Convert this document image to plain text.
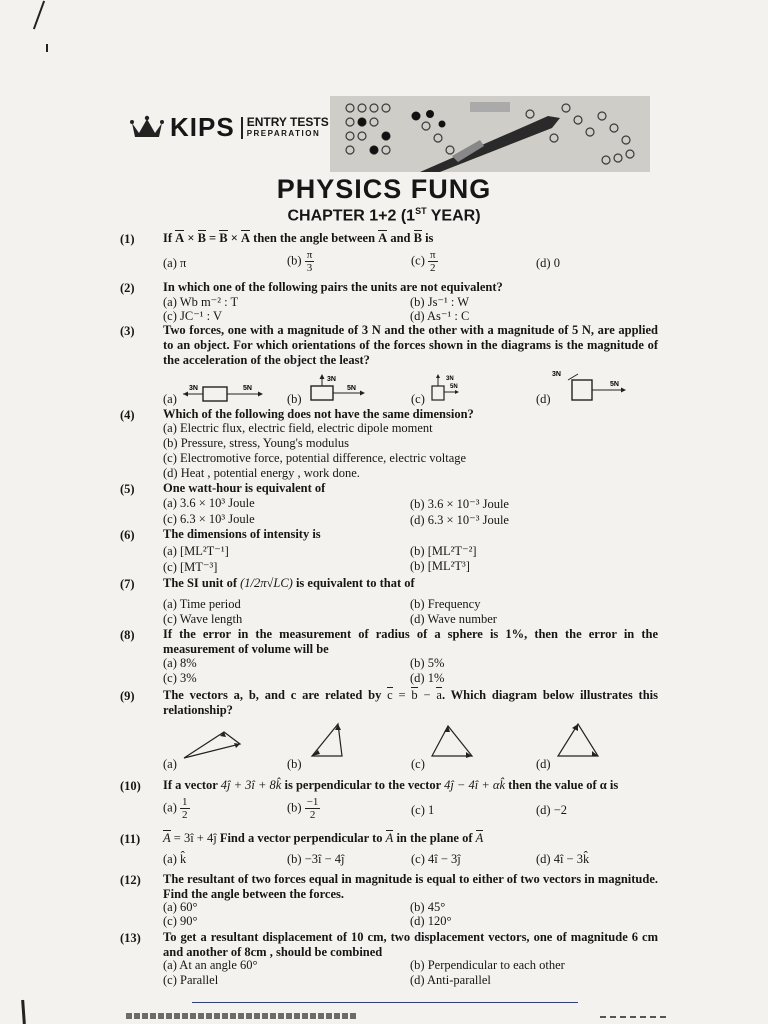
KIPS ENTRY TESTS
PREPARATION
PHYSICS FUNG
CHAPTER 1+2 (1ST YEAR)
(1) If A × B = B × A then the angle between A and B is
(a) π	$(b) \frac{\pi}{3}$	$(c) \frac{\pi}{2}$	(d) 0
(2) In which one of the following pairs the units are not equivalent?
(a) Wb m⁻² : T	(b) Js⁻¹ : W
(c) JC⁻¹ : V	(d) As⁻¹ : C
(3) Two forces, one with a magnitude of 3 N and the other with a magnitude of 5 N, are applied to an object. For which orientations of the forces shown in the diagrams is the magnitude of the acceleration of the object the least?
(a)
3N	5N
(b)
3N
5N
(c)
3N
5N
(d)
3N
5N
(4) Which of the following does not have the same dimension?
(a) Electric flux, electric field, electric dipole moment
(b) Pressure, stress, Young's modulus
(c) Electromotive force, potential difference, electric voltage
(d) Heat , potential energy , work done.
(5) One watt-hour is equivalent of
(a) 3.6 × 10³ Joule	(b) 3.6 × 10⁻³ Joule
(c) 6.3 × 10³ Joule	(d) 6.3 × 10⁻³ Joule
(6) The dimensions of intensity is
(a) [ML²T⁻¹]	(b) [ML²T⁻²]
(c) [MT⁻³]	(b) [ML²T³]
(7) The SI unit of (1/2π√LC) is equivalent to that of
(a) Time period	(b) Frequency
(c) Wave length	(d) Wave number
(8) If the error in the measurement of radius of a sphere is 1%, then the error in the measurement of volume will be
(a) 8%	(b) 5%
(c) 3%	(d) 1%
(9) The vectors a, b, and c are related by c = b − a. Which diagram below illustrates this relationship?
(a)	(b)	(c)	(d)
(10) If a vector 4ĵ + 3î + 8k̂ is perpendicular to the vector 4ĵ − 4î + αk̂ then the value of α is
$(a) \frac{1}{2}$	$(b) \frac{-1}{2}$	(c) 1	(d) −2
(11) A = 3î + 4ĵ Find a vector perpendicular to A in the plane of A
(a) k̂	(b) −3î − 4ĵ	(c) 4î − 3ĵ	(d) 4î − 3k̂
(12) The resultant of two forces equal in magnitude is equal to either of two vectors in magnitude. Find the angle between the forces.
(a) 60°	(b) 45°
(c) 90°	(d) 120°
(13) To get a resultant displacement of 10 cm, two displacement vectors, one of magnitude 6 cm and another of 8cm , should be combined
(a) At an angle 60°	(b) Perpendicular to each other
(c) Parallel	(d) Anti-parallel
